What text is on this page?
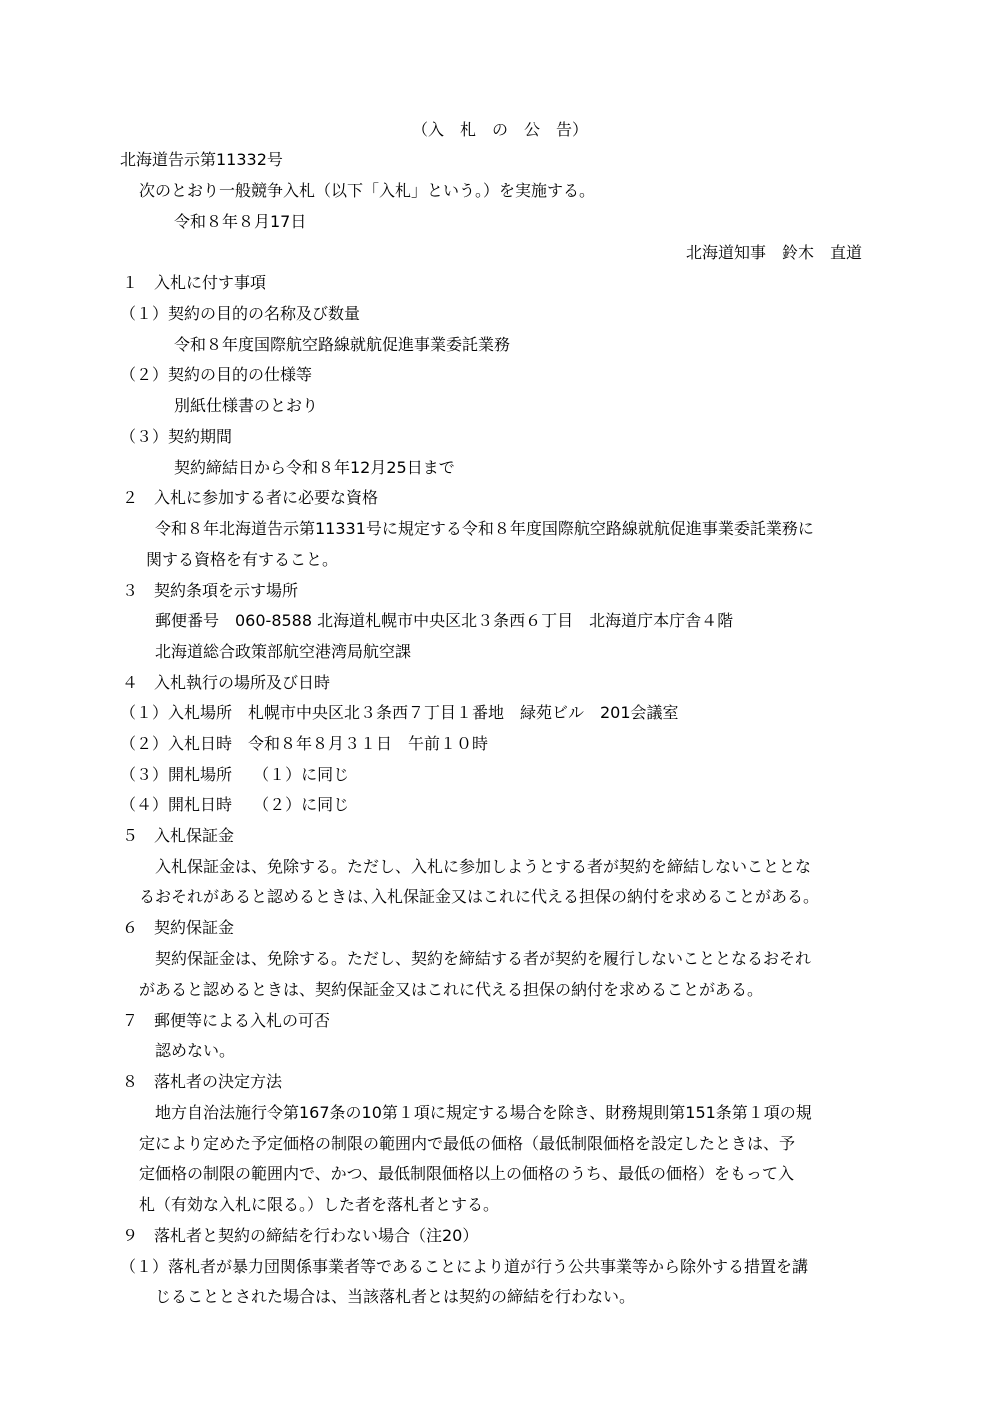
（入　札　の　公　告）
北海道告示第11332号
次のとおり一般競争入札（以下「入札」という。）を実施する。
令和８年８月17日
北海道知事　鈴木　直道
１　入札に付す事項
（１）契約の目的の名称及び数量
令和８年度国際航空路線就航促進事業委託業務
（２）契約の目的の仕様等
別紙仕様書のとおり
（３）契約期間
契約締結日から令和８年12月25日まで
２　入札に参加する者に必要な資格
令和８年北海道告示第11331号に規定する令和８年度国際航空路線就航促進事業委託業務に
関する資格を有すること。
３　契約条項を示す場所
郵便番号　060-8588 北海道札幌市中央区北３条西６丁目　北海道庁本庁舎４階
北海道総合政策部航空港湾局航空課
４　入札執行の場所及び日時
（１）入札場所　札幌市中央区北３条西７丁目１番地　緑苑ビル　201会議室
（２）入札日時　令和８年８月３１日　午前１０時
（３）開札場所　 （１）に同じ
（４）開札日時　 （２）に同じ
５　入札保証金
入札保証金は、免除する。ただし、入札に参加しようとする者が契約を締結しないこととな
るおそれがあると認めるときは､入札保証金又はこれに代える担保の納付を求めることがある。
６　契約保証金
契約保証金は、免除する。ただし、契約を締結する者が契約を履行しないこととなるおそれ
があると認めるときは、契約保証金又はこれに代える担保の納付を求めることがある。
７　郵便等による入札の可否
認めない。
８　落札者の決定方法
地方自治法施行令第167条の10第１項に規定する場合を除き、財務規則第151条第１項の規
定により定めた予定価格の制限の範囲内で最低の価格（最低制限価格を設定したときは、予
定価格の制限の範囲内で、かつ、最低制限価格以上の価格のうち、最低の価格）をもって入
札（有効な入札に限る。）した者を落札者とする。
９　落札者と契約の締結を行わない場合（注20）
（１）落札者が暴力団関係事業者等であることにより道が行う公共事業等から除外する措置を講
じることとされた場合は、当該落札者とは契約の締結を行わない。
